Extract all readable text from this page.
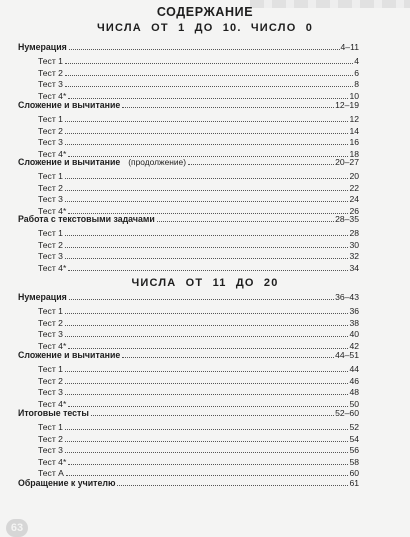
СОДЕРЖАНИЕ
ЧИСЛА ОТ 1 ДО 10. ЧИСЛО 0
Нумерация	4–11
Тест 1	4
Тест 2	6
Тест 3	8
Тест 4*	10
Сложение и вычитание	12–19
Тест 1	12
Тест 2	14
Тест 3	16
Тест 4*	18
Сложение и вычитание (продолжение)	20–27
Тест 1	20
Тест 2	22
Тест 3	24
Тест 4*	26
Работа с текстовыми задачами	28–35
Тест 1	28
Тест 2	30
Тест 3	32
Тест 4*	34
ЧИСЛА ОТ 11 ДО 20
Нумерация	36–43
Тест 1	36
Тест 2	38
Тест 3	40
Тест 4*	42
Сложение и вычитание	44–51
Тест 1	44
Тест 2	46
Тест 3	48
Тест 4*	50
Итоговые тесты	52–60
Тест 1	52
Тест 2	54
Тест 3	56
Тест 4*	58
Тест А	60
Обращение к учителю	61
63
